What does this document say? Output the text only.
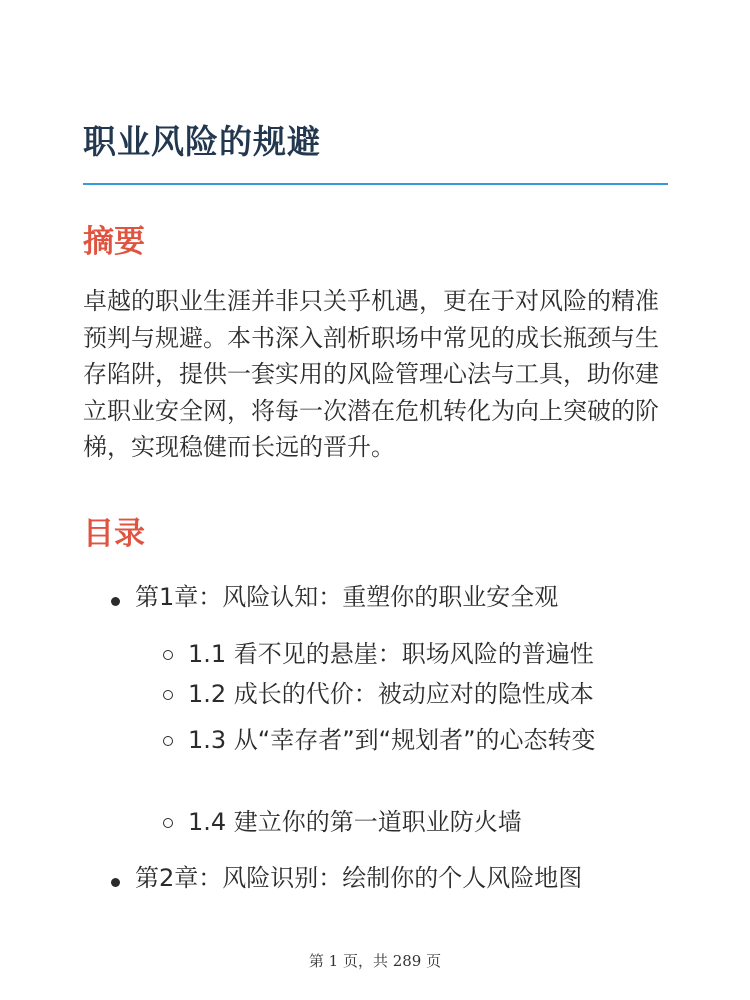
职业风险的规避
摘要

卓越的职业生涯并非只关乎机遇，更在于对风险的精准预判与规避。本书深入剖析职场中常见的成长瓶颈与生存陷阱，提供一套实用的风险管理心法与工具，助你建立职业安全网，将每一次潜在危机转化为向上突破的阶梯，实现稳健而长远的晋升。

目录
第1章：风险认知：重塑你的职业安全观
1.1 看不见的悬崖：职场风险的普遍性
1.2 成长的代价：被动应对的隐性成本
1.3 从“幸存者”到“规划者”的心态转变
1.4 建立你的第一道职业防火墙
第2章：风险识别：绘制你的个人风险地图
第 1 页，共 289 页
